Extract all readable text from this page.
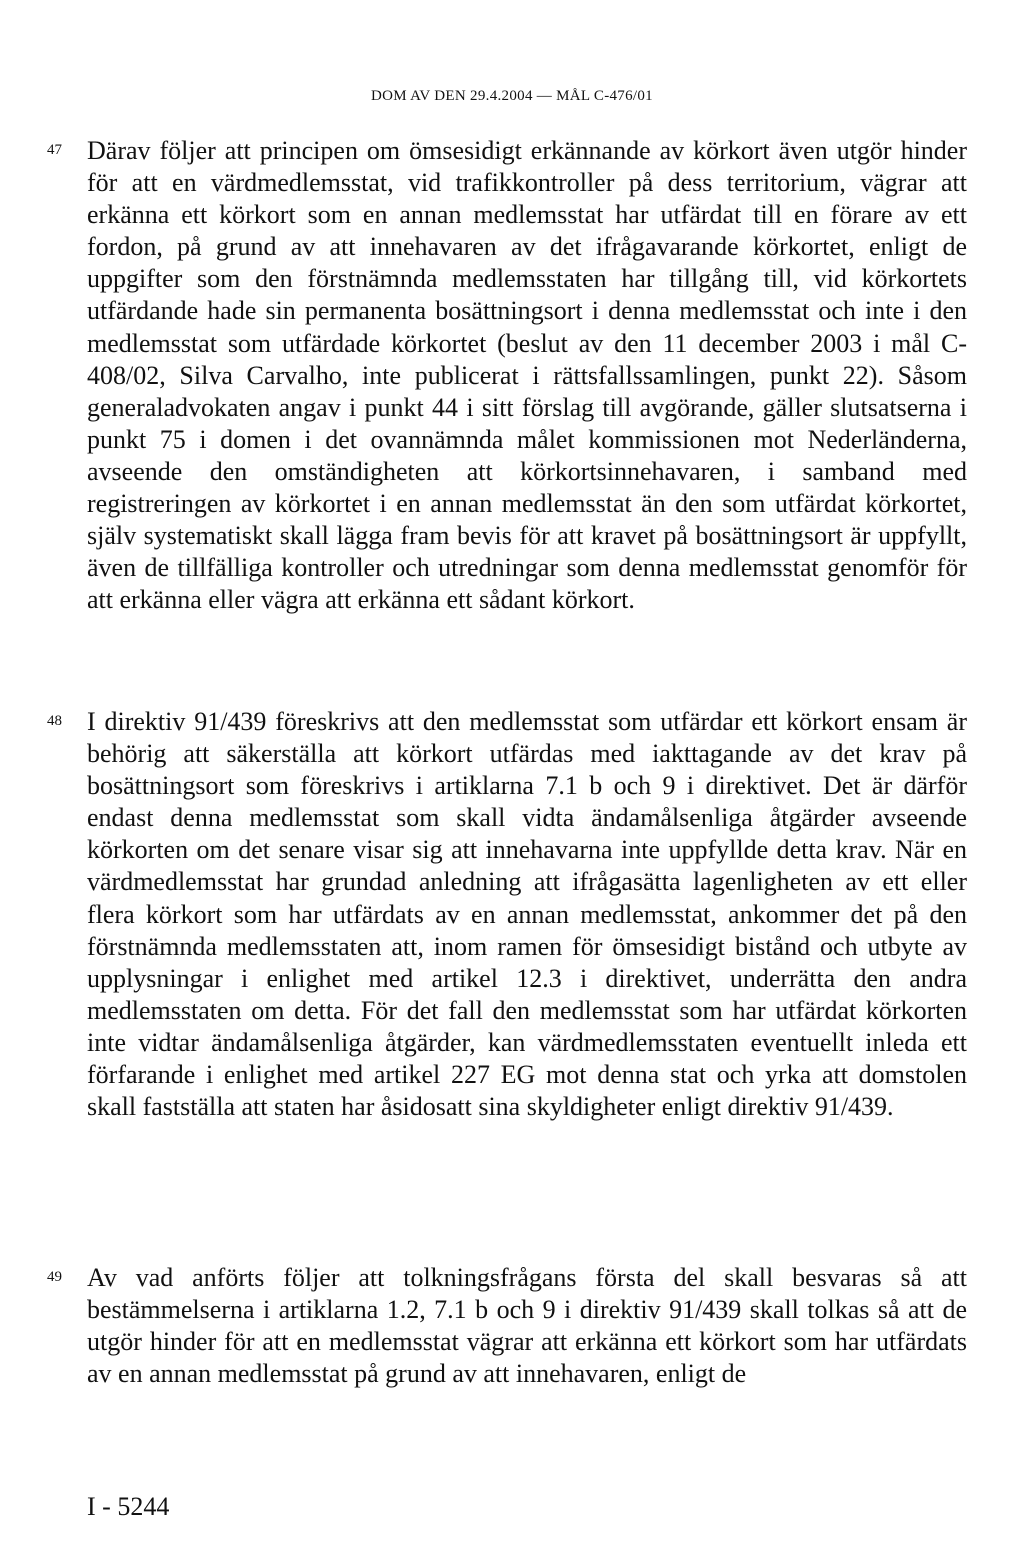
DOM AV DEN 29.4.2004 — MÅL C-476/01
47 Därav följer att principen om ömsesidigt erkännande av körkort även utgör hinder för att en värdmedlemsstat, vid trafikkontroller på dess territorium, vägrar att erkänna ett körkort som en annan medlemsstat har utfärdat till en förare av ett fordon, på grund av att innehavaren av det ifrågavarande körkortet, enligt de uppgifter som den förstnämnda medlemsstaten har tillgång till, vid körkortets utfärdande hade sin permanenta bosättningsort i denna medlemsstat och inte i den medlemsstat som utfärdade körkortet (beslut av den 11 december 2003 i mål C-408/02, Silva Carvalho, inte publicerat i rättsfallssamlingen, punkt 22). Såsom generaladvokaten angav i punkt 44 i sitt förslag till avgörande, gäller slutsatserna i punkt 75 i domen i det ovannämnda målet kommissionen mot Nederländerna, avseende den omständigheten att körkortsinnehavaren, i samband med registreringen av körkortet i en annan medlemsstat än den som utfärdat körkortet, själv systematiskt skall lägga fram bevis för att kravet på bosättningsort är uppfyllt, även de tillfälliga kontroller och utredningar som denna medlemsstat genomför för att erkänna eller vägra att erkänna ett sådant körkort.
48 I direktiv 91/439 föreskrivs att den medlemsstat som utfärdar ett körkort ensam är behörig att säkerställa att körkort utfärdas med iakttagande av det krav på bosättningsort som föreskrivs i artiklarna 7.1 b och 9 i direktivet. Det är därför endast denna medlemsstat som skall vidta ändamålsenliga åtgärder avseende körkorten om det senare visar sig att innehavarna inte uppfyllde detta krav. När en värdmedlemsstat har grundad anledning att ifrågasätta lagenligheten av ett eller flera körkort som har utfärdats av en annan medlemsstat, ankommer det på den förstnämnda medlemsstaten att, inom ramen för ömsesidigt bistånd och utbyte av upplysningar i enlighet med artikel 12.3 i direktivet, underrätta den andra medlemsstaten om detta. För det fall den medlemsstat som har utfärdat körkorten inte vidtar ändamålsenliga åtgärder, kan värdmedlemsstaten eventuellt inleda ett förfarande i enlighet med artikel 227 EG mot denna stat och yrka att domstolen skall fastställa att staten har åsidosatt sina skyldigheter enligt direktiv 91/439.
49 Av vad anförts följer att tolkningsfrågans första del skall besvaras så att bestämmelserna i artiklarna 1.2, 7.1 b och 9 i direktiv 91/439 skall tolkas så att de utgör hinder för att en medlemsstat vägrar att erkänna ett körkort som har utfärdats av en annan medlemsstat på grund av att innehavaren, enligt de
I - 5244
